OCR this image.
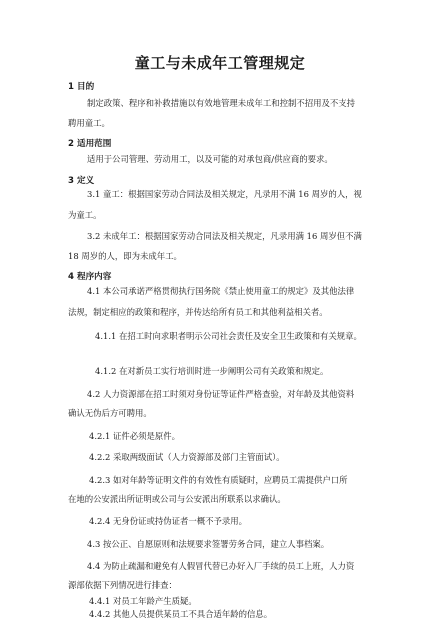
童工与未成年工管理规定
1 目的
制定政策、程序和补救措施以有效地管理未成年工和控制不招用及不支持
聘用童工。
2 适用范围
适用于公司管理、劳动用工，以及可能的对承包商/供应商的要求。
3 定义
3.1 童工：根据国家劳动合同法及相关规定，凡录用不满 16 周岁的人，视
为童工。
3.2 未成年工：根据国家劳动合同法及相关规定，凡录用满 16 周岁但不满
18 周岁的人，即为未成年工。
4 程序内容
4.1 本公司承诺严格贯彻执行国务院《禁止使用童工的规定》及其他法律
法规，制定相应的政策和程序，并传达给所有员工和其他利益相关者。
4.1.1 在招工时向求职者明示公司社会责任及安全卫生政策和有关规章。
4.1.2 在对新员工实行培训时进一步阐明公司有关政策和规定。
4.2 人力资源部在招工时须对身份证等证件严格查验，对年龄及其他资料
确认无伪后方可聘用。
4.2.1 证件必须是原件。
4.2.2 采取两级面试（人力资源部及部门主管面试）。
4.2.3 如对年龄等证明文件的有效性有质疑时，应聘员工需提供户口所
在地的公安派出所证明或公司与公安派出所联系以求确认。
4.2.4 无身份证或持伪证者一概不予录用。
4.3 按公正、自愿原则和法规要求签署劳务合同，建立人事档案。
4.4 为防止疏漏和避免有人假冒代替已办好入厂手续的员工上班，人力资
源部依据下列情况进行排查：
4.4.1 对员工年龄产生质疑。
4.4.2 其他人员提供某员工不具合适年龄的信息。
